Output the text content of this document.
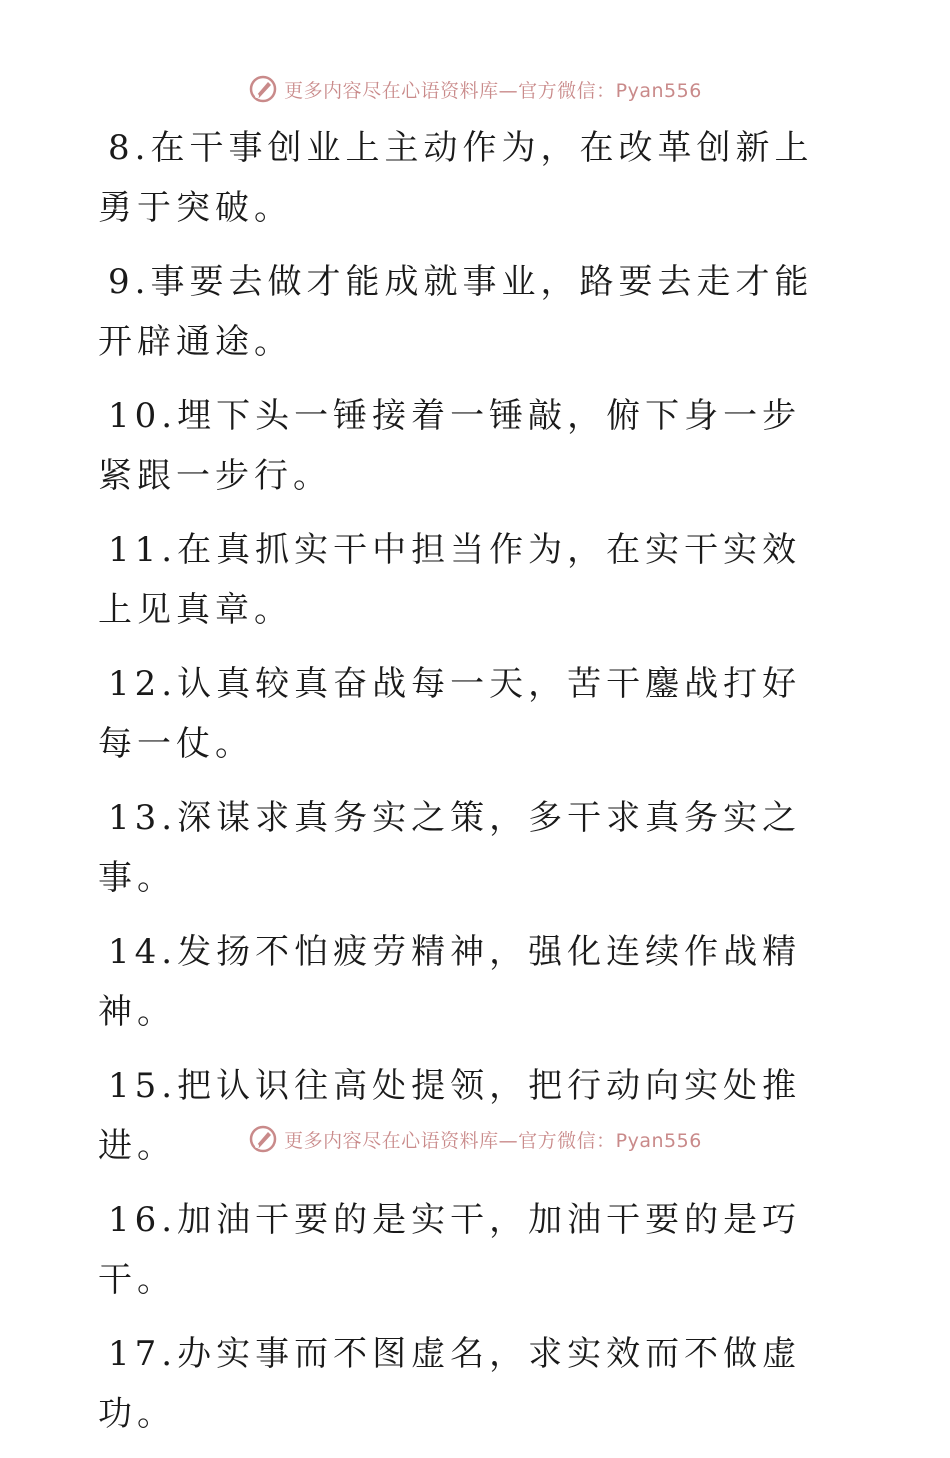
更多内容尽在心语资料库—官方微信：Pyan556

8.在干事创业上主动作为，在改革创新上勇于突破。

9.事要去做才能成就事业，路要去走才能开辟通途。

10.埋下头一锤接着一锤敲，俯下身一步紧跟一步行。

11.在真抓实干中担当作为，在实干实效上见真章。

12.认真较真奋战每一天，苦干鏖战打好每一仗。

13.深谋求真务实之策，多干求真务实之事。

14.发扬不怕疲劳精神，强化连续作战精神。

15.把认识往高处提领，把行动向实处推进。

16.加油干要的是实干，加油干要的是巧干。

17.办实事而不图虚名，求实效而不做虚功。

更多内容尽在心语资料库—官方微信：Pyan556
